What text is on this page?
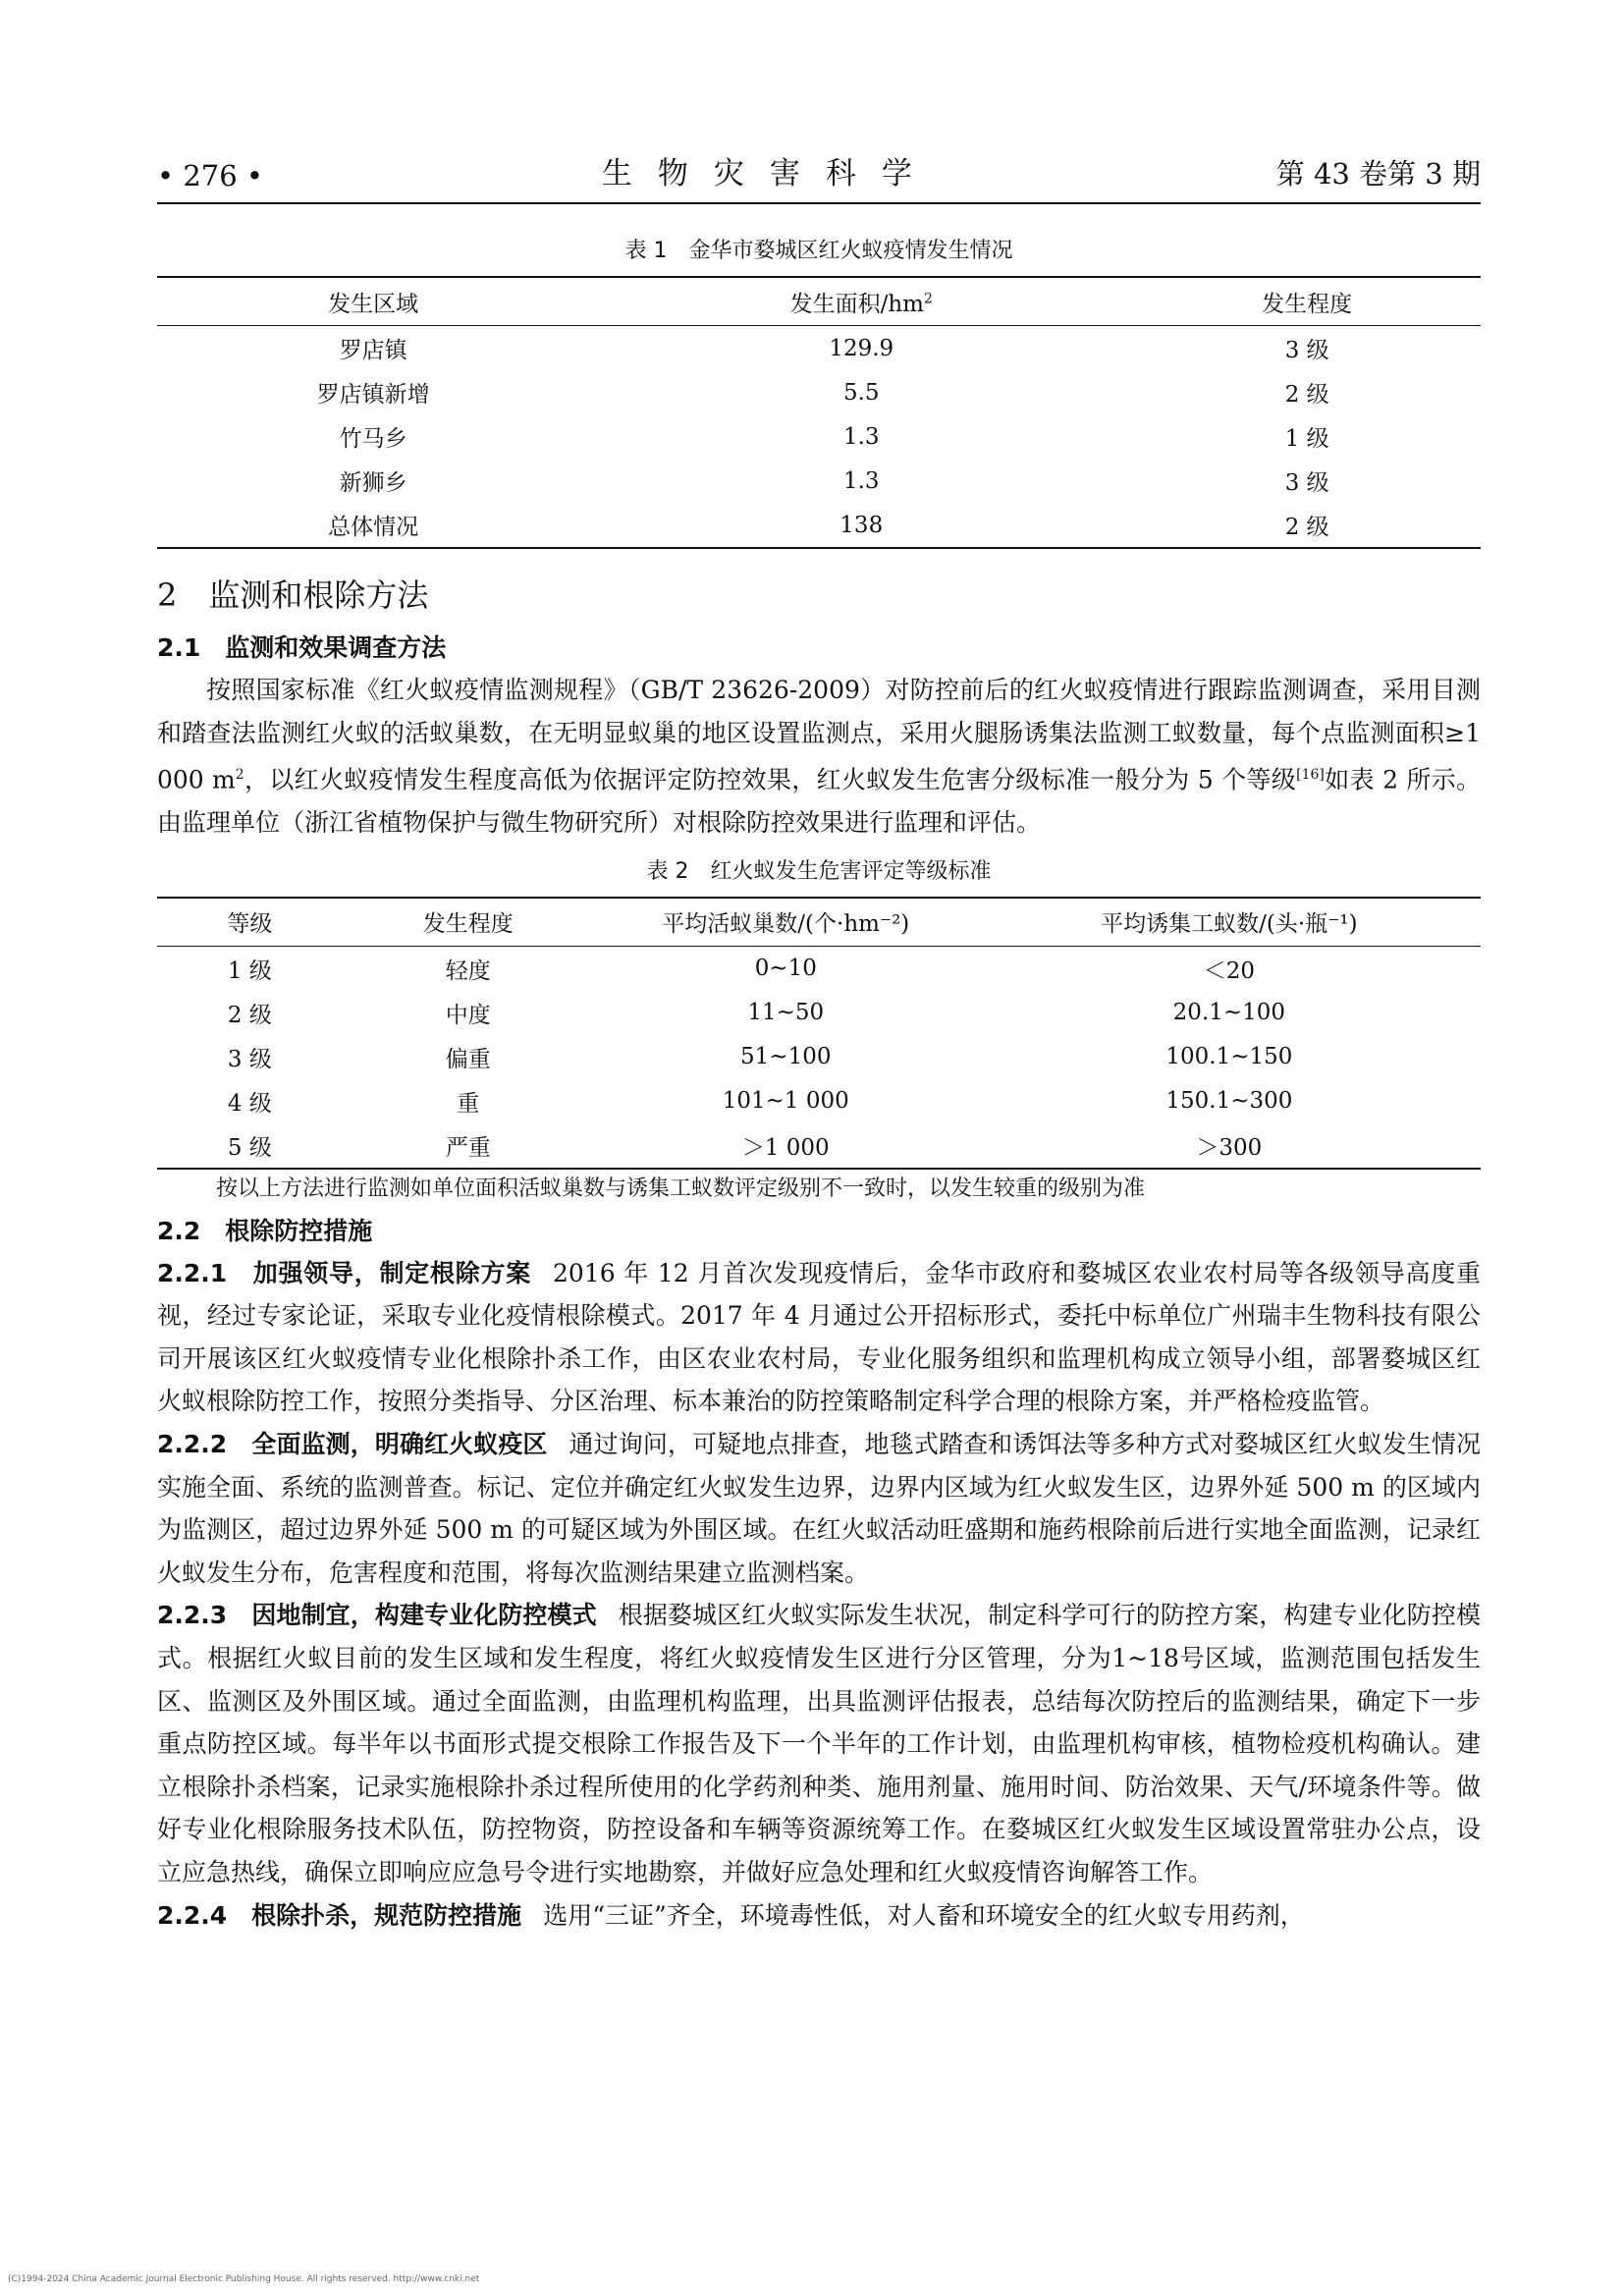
• 276 •	生物灾害科学	第 43 卷第 3 期

表 1　 金华市婺城区红火蚁疫情发生情况

发生区域	发生面积$/hm^2$	发生程度
罗店镇	129.9	3 级
罗店镇新增	5.5	2 级
竹马乡	1.3	1 级
新狮乡	1.3	3 级
总体情况	138	2 级
2　监测和根除方法
2.1　监测和效果调查方法

按照国家标准《红火蚁疫情监测规程》（GB/T 23626-2009）对防控前后的红火蚁疫情进行跟踪监测调查，采用目测和踏查法监测红火蚁的活蚁巢数，在无明显蚁巢的地区设置监测点，采用火腿肠诱集法监测工蚁数量，每个点监测面积≥1 000 $m^2$，以红火蚁疫情发生程度高低为依据评定防控效果，红火蚁发生危害分级标准一般分为 5 个等级[16]如表 2 所示。由监理单位（浙江省植物保护与微生物研究所）对根除防控效果进行监理和评估。

表 2　 红火蚁发生危害评定等级标准

等级	发生程度	平均活蚁巢数/(个·hm⁻²)	平均诱集工蚁数/(头·瓶⁻¹)
1 级	轻度	0~10	＜20
2 级	中度	11~50	20.1~100
3 级	偏重	51~100	100.1~150
4 级	重	101~1 000	150.1~300
5 级	严重	＞1 000	＞300
按以上方法进行监测如单位面积活蚁巢数与诱集工蚁数评定级别不一致时，以发生较重的级别为准
2.2　根除防控措施

2.2.1　加强领导，制定根除方案 2016 年 12 月首次发现疫情后，金华市政府和婺城区农业农村局等各级领导高度重视，经过专家论证，采取专业化疫情根除模式。2017 年 4 月通过公开招标形式，委托中标单位广州瑞丰生物科技有限公司开展该区红火蚁疫情专业化根除扑杀工作，由区农业农村局，专业化服务组织和监理机构成立领导小组，部署婺城区红火蚁根除防控工作，按照分类指导、分区治理、标本兼治的防控策略制定科学合理的根除方案，并严格检疫监管。

2.2.2　全面监测，明确红火蚁疫区 通过询问，可疑地点排查，地毯式踏查和诱饵法等多种方式对婺城区红火蚁发生情况实施全面、系统的监测普查。标记、定位并确定红火蚁发生边界，边界内区域为红火蚁发生区，边界外延 500 m 的区域内为监测区，超过边界外延 500 m 的可疑区域为外围区域。在红火蚁活动旺盛期和施药根除前后进行实地全面监测，记录红火蚁发生分布，危害程度和范围，将每次监测结果建立监测档案。

2.2.3　因地制宜，构建专业化防控模式 根据婺城区红火蚁实际发生状况，制定科学可行的防控方案，构建专业化防控模式。根据红火蚁目前的发生区域和发生程度，将红火蚁疫情发生区进行分区管理，分为1~18号区域，监测范围包括发生区、监测区及外围区域。通过全面监测，由监理机构监理，出具监测评估报表，总结每次防控后的监测结果，确定下一步重点防控区域。每半年以书面形式提交根除工作报告及下一个半年的工作计划，由监理机构审核，植物检疫机构确认。建立根除扑杀档案，记录实施根除扑杀过程所使用的化学药剂种类、施用剂量、施用时间、防治效果、天气/环境条件等。做好专业化根除服务技术队伍，防控物资，防控设备和车辆等资源统筹工作。在婺城区红火蚁发生区域设置常驻办公点，设立应急热线，确保立即响应应急号令进行实地勘察，并做好应急处理和红火蚁疫情咨询解答工作。

2.2.4　根除扑杀，规范防控措施 选用“三证”齐全，环境毒性低，对人畜和环境安全的红火蚁专用药剂，

(C)1994-2024 China Academic Journal Electronic Publishing House. All rights reserved. http://www.cnki.net
